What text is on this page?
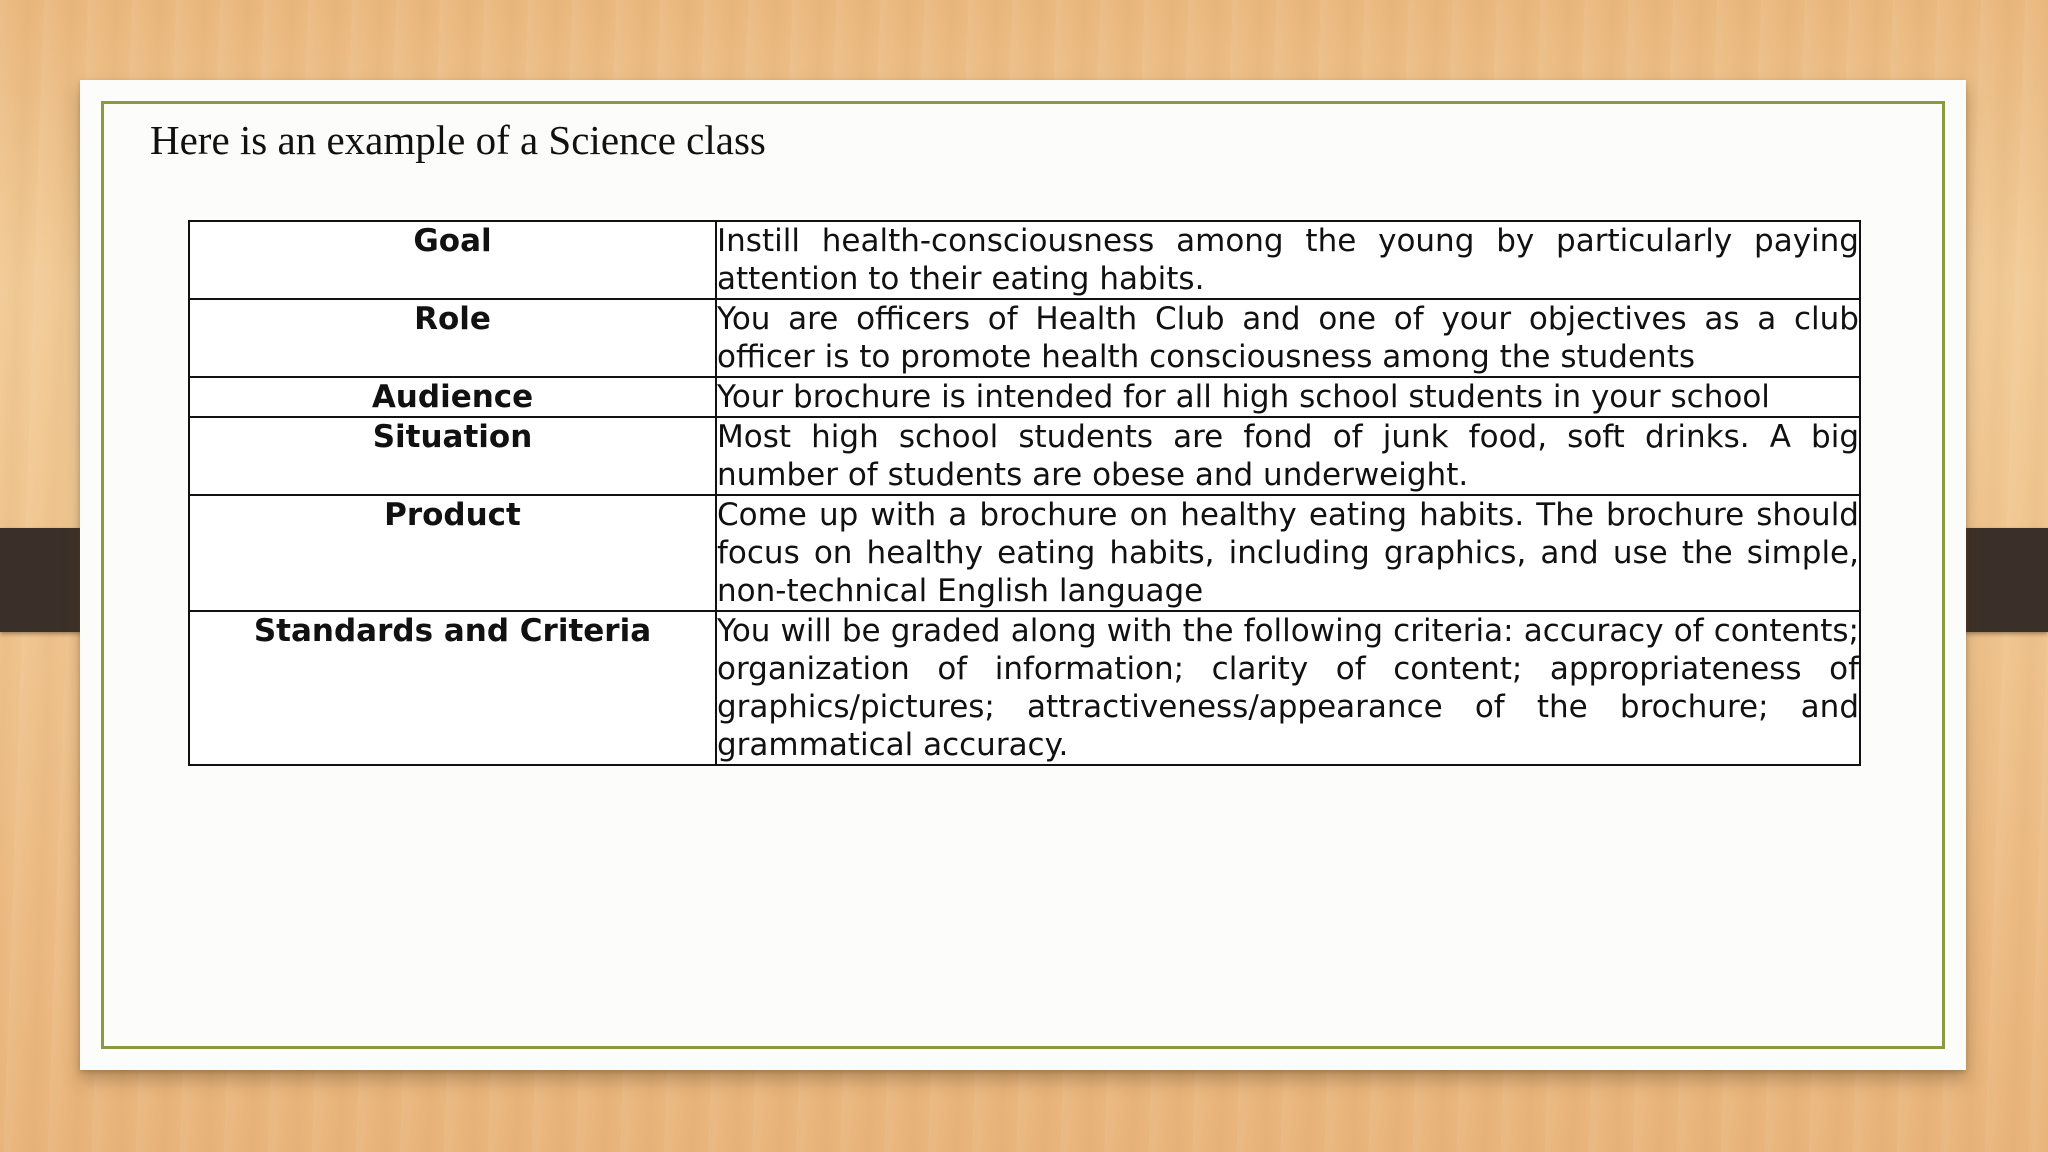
Here is an example of a Science class
Goal	Instill health-consciousness among the young by particularly paying attention to their eating habits.
Role	You are officers of Health Club and one of your objectives as a club officer is to promote health consciousness among the students
Audience	Your brochure is intended for all high school students in your school
Situation	Most high school students are fond of junk food, soft drinks. A big number of students are obese and underweight.
Product	Come up with a brochure on healthy eating habits. The brochure should focus on healthy eating habits, including graphics, and use the simple, non-technical English language
Standards and Criteria	You will be graded along with the following criteria: accuracy of contents; organization of information; clarity of content; appropriateness of graphics/pictures; attractiveness/appearance of the brochure; and grammatical accuracy.
